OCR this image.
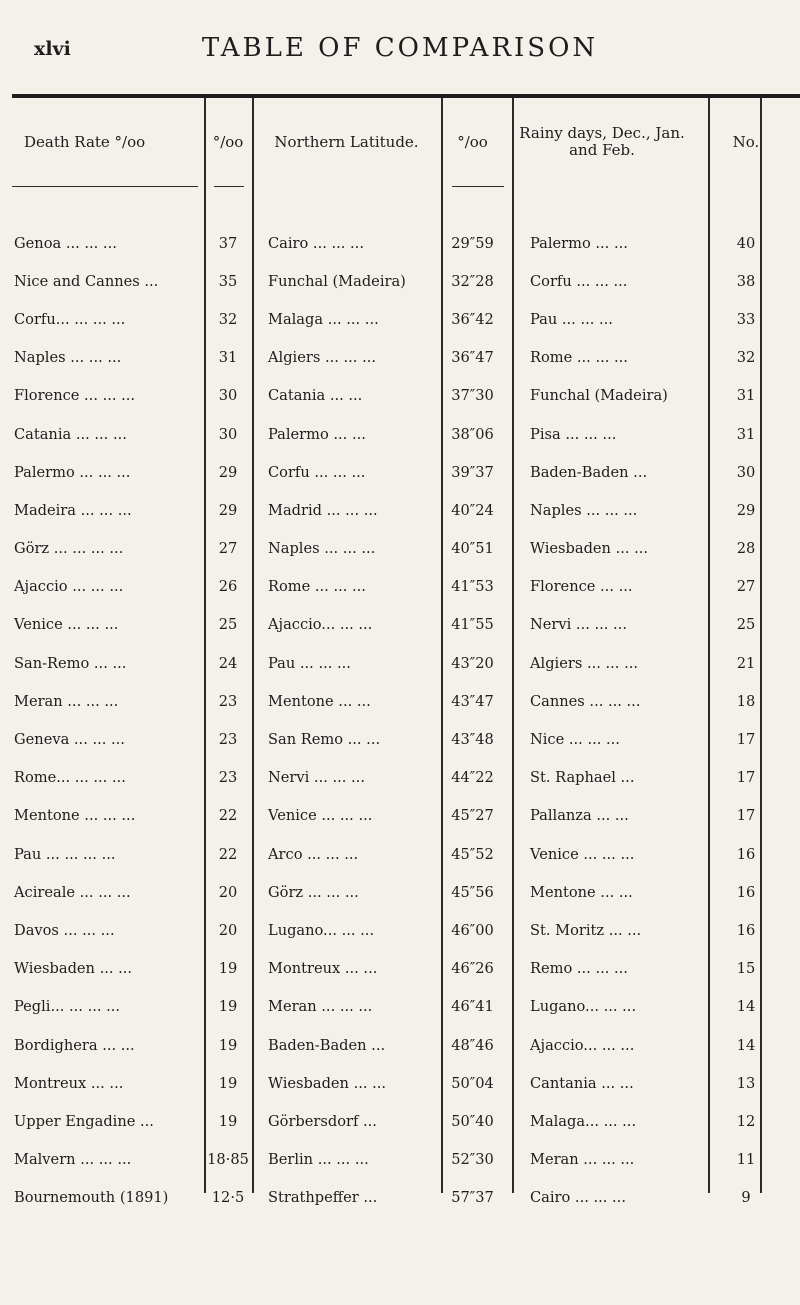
xlvi	TABLE OF COMPARISON
Death Rate °/oo	°/oo	Northern Latitude.	°/oo	Rainy days, Dec., Jan. and Feb.	No.
Genoa ... ... ...	37	Cairo ... ... ...	29″59	Palermo ... ...	40
Nice and Cannes ...	35	Funchal (Madeira)	32″28	Corfu ... ... ...	38
Corfu... ... ... ...	32	Malaga ... ... ...	36″42	Pau ... ... ...	33
Naples ... ... ...	31	Algiers ... ... ...	36″47	Rome ... ... ...	32
Florence ... ... ...	30	Catania ... ...	37″30	Funchal (Madeira)	31
Catania ... ... ...	30	Palermo ... ...	38″06	Pisa ... ... ...	31
Palermo ... ... ...	29	Corfu ... ... ...	39″37	Baden-Baden ...	30
Madeira ... ... ...	29	Madrid ... ... ...	40″24	Naples ... ... ...	29
Görz ... ... ... ...	27	Naples ... ... ...	40″51	Wiesbaden ... ...	28
Ajaccio ... ... ...	26	Rome ... ... ...	41″53	Florence ... ...	27
Venice ... ... ...	25	Ajaccio... ... ...	41″55	Nervi ... ... ...	25
San-Remo ... ...	24	Pau ... ... ...	43″20	Algiers ... ... ...	21
Meran ... ... ...	23	Mentone ... ...	43″47	Cannes ... ... ...	18
Geneva ... ... ...	23	San Remo ... ...	43″48	Nice ... ... ...	17
Rome... ... ... ...	23	Nervi ... ... ...	44″22	St. Raphael ...	17
Mentone ... ... ...	22	Venice ... ... ...	45″27	Pallanza ... ...	17
Pau ... ... ... ...	22	Arco ... ... ...	45″52	Venice ... ... ...	16
Acireale ... ... ...	20	Görz ... ... ...	45″56	Mentone ... ...	16
Davos ... ... ...	20	Lugano... ... ...	46″00	St. Moritz ... ...	16
Wiesbaden ... ...	19	Montreux ... ...	46″26	Remo ... ... ...	15
Pegli... ... ... ...	19	Meran ... ... ...	46″41	Lugano... ... ...	14
Bordighera ... ...	19	Baden-Baden ...	48″46	Ajaccio... ... ...	14
Montreux ... ...	19	Wiesbaden ... ...	50″04	Cantania ... ...	13
Upper Engadine ...	19	Görbersdorf ...	50″40	Malaga... ... ...	12
Malvern ... ... ...	18·85	Berlin ... ... ...	52″30	Meran ... ... ...	11
Bournemouth (1891)	12·5	Strathpeffer ...	57″37	Cairo ... ... ...	9
